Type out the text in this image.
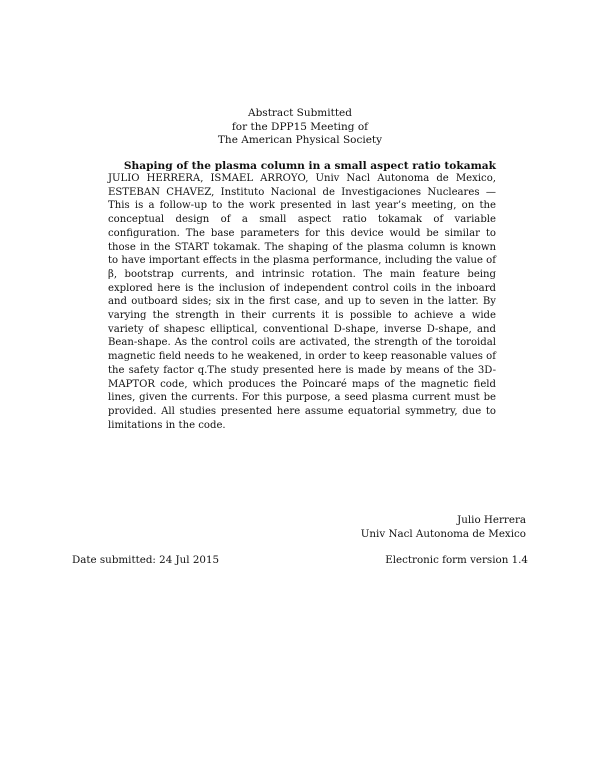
Abstract Submitted
for the DPP15 Meeting of
The American Physical Society
Shaping of the plasma column in a small aspect ratio tokamak

JULIO HERRERA, ISMAEL ARROYO, Univ Nacl Autonoma de Mexico, ESTEBAN CHAVEZ, Instituto Nacional de Investigaciones Nucleares — This is a follow-up to the work presented in last year’s meeting, on the conceptual design of a small aspect ratio tokamak of variable configuration. The base parameters for this device would be similar to those in the START tokamak. The shaping of the plasma column is known to have important effects in the plasma performance, including the value of β, bootstrap currents, and intrinsic rotation. The main feature being explored here is the inclusion of independent control coils in the inboard and outboard sides; six in the first case, and up to seven in the latter. By varying the strength in their currents it is possible to achieve a wide variety of shapesc elliptical, conventional D-shape, inverse D-shape, and Bean-shape. As the control coils are activated, the strength of the toroidal magnetic field needs to he weakened, in order to keep reasonable values of the safety factor q.The study presented here is made by means of the 3D-MAPTOR code, which produces the Poincaré maps of the magnetic field lines, given the currents. For this purpose, a seed plasma current must be provided. All studies presented here assume equatorial symmetry, due to limitations in the code.

Julio Herrera
Univ Nacl Autonoma de Mexico
Date submitted: 24 Jul 2015	Electronic form version 1.4
